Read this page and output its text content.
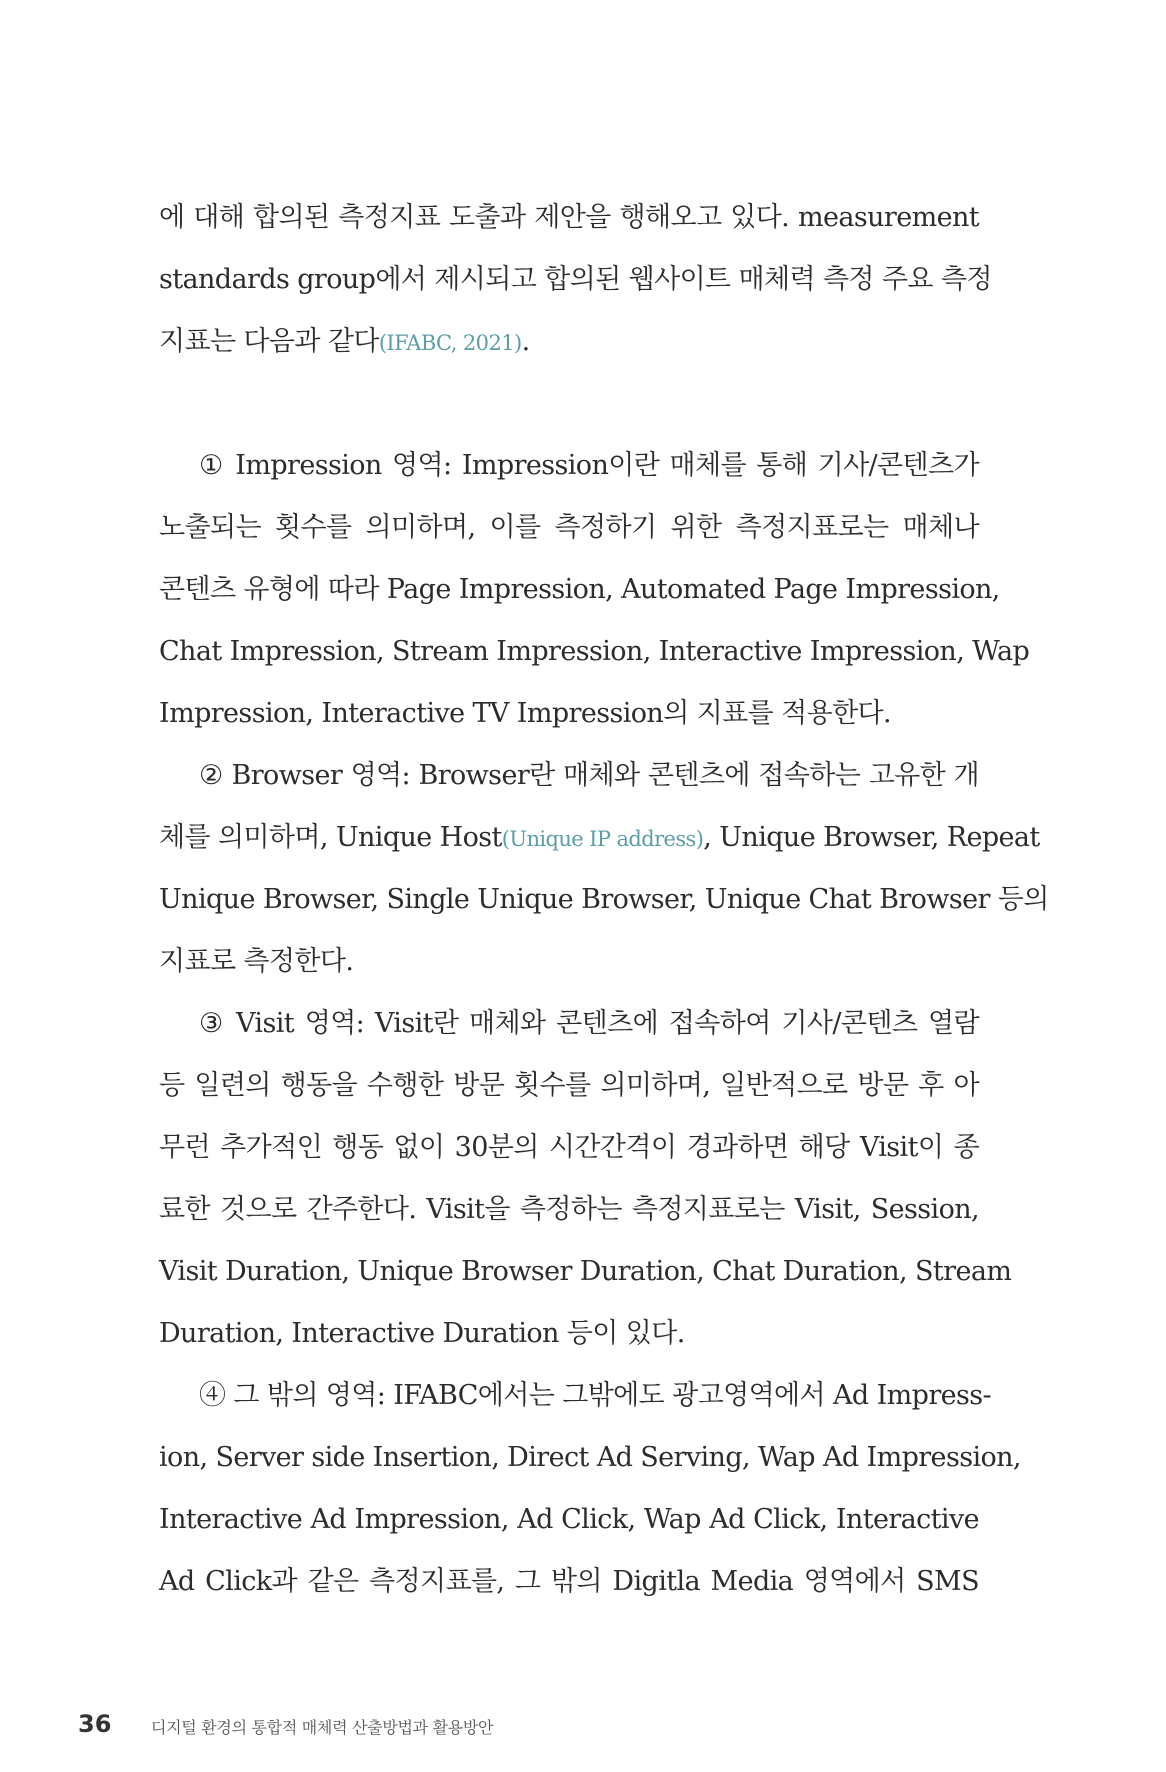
에 대해 합의된 측정지표 도출과 제안을 행해오고 있다. measurement
standards group에서 제시되고 합의된 웹사이트 매체력 측정 주요 측정
지표는 다음과 같다(IFABC, 2021).
① Impression 영역: Impression이란 매체를 통해 기사/콘텐츠가
노출되는 횟수를 의미하며, 이를 측정하기 위한 측정지표로는 매체나
콘텐츠 유형에 따라 Page Impression, Automated Page Impression,
Chat Impression, Stream Impression, Interactive Impression, Wap
Impression, Interactive TV Impression의 지표를 적용한다.
② Browser 영역: Browser란 매체와 콘텐츠에 접속하는 고유한 개
체를 의미하며, Unique Host(Unique IP address), Unique Browser, Repeat
Unique Browser, Single Unique Browser, Unique Chat Browser 등의
지표로 측정한다.
③ Visit 영역: Visit란 매체와 콘텐츠에 접속하여 기사/콘텐츠 열람
등 일련의 행동을 수행한 방문 횟수를 의미하며, 일반적으로 방문 후 아
무런 추가적인 행동 없이 30분의 시간간격이 경과하면 해당 Visit이 종
료한 것으로 간주한다. Visit을 측정하는 측정지표로는 Visit, Session,
Visit Duration, Unique Browser Duration, Chat Duration, Stream
Duration, Interactive Duration 등이 있다.
④ 그 밖의 영역: IFABC에서는 그밖에도 광고영역에서 Ad Impress-
ion, Server side Insertion, Direct Ad Serving, Wap Ad Impression,
Interactive Ad Impression, Ad Click, Wap Ad Click, Interactive
Ad Click과 같은 측정지표를, 그 밖의 Digitla Media 영역에서 SMS
36 디지털 환경의 통합적 매체력 산출방법과 활용방안
